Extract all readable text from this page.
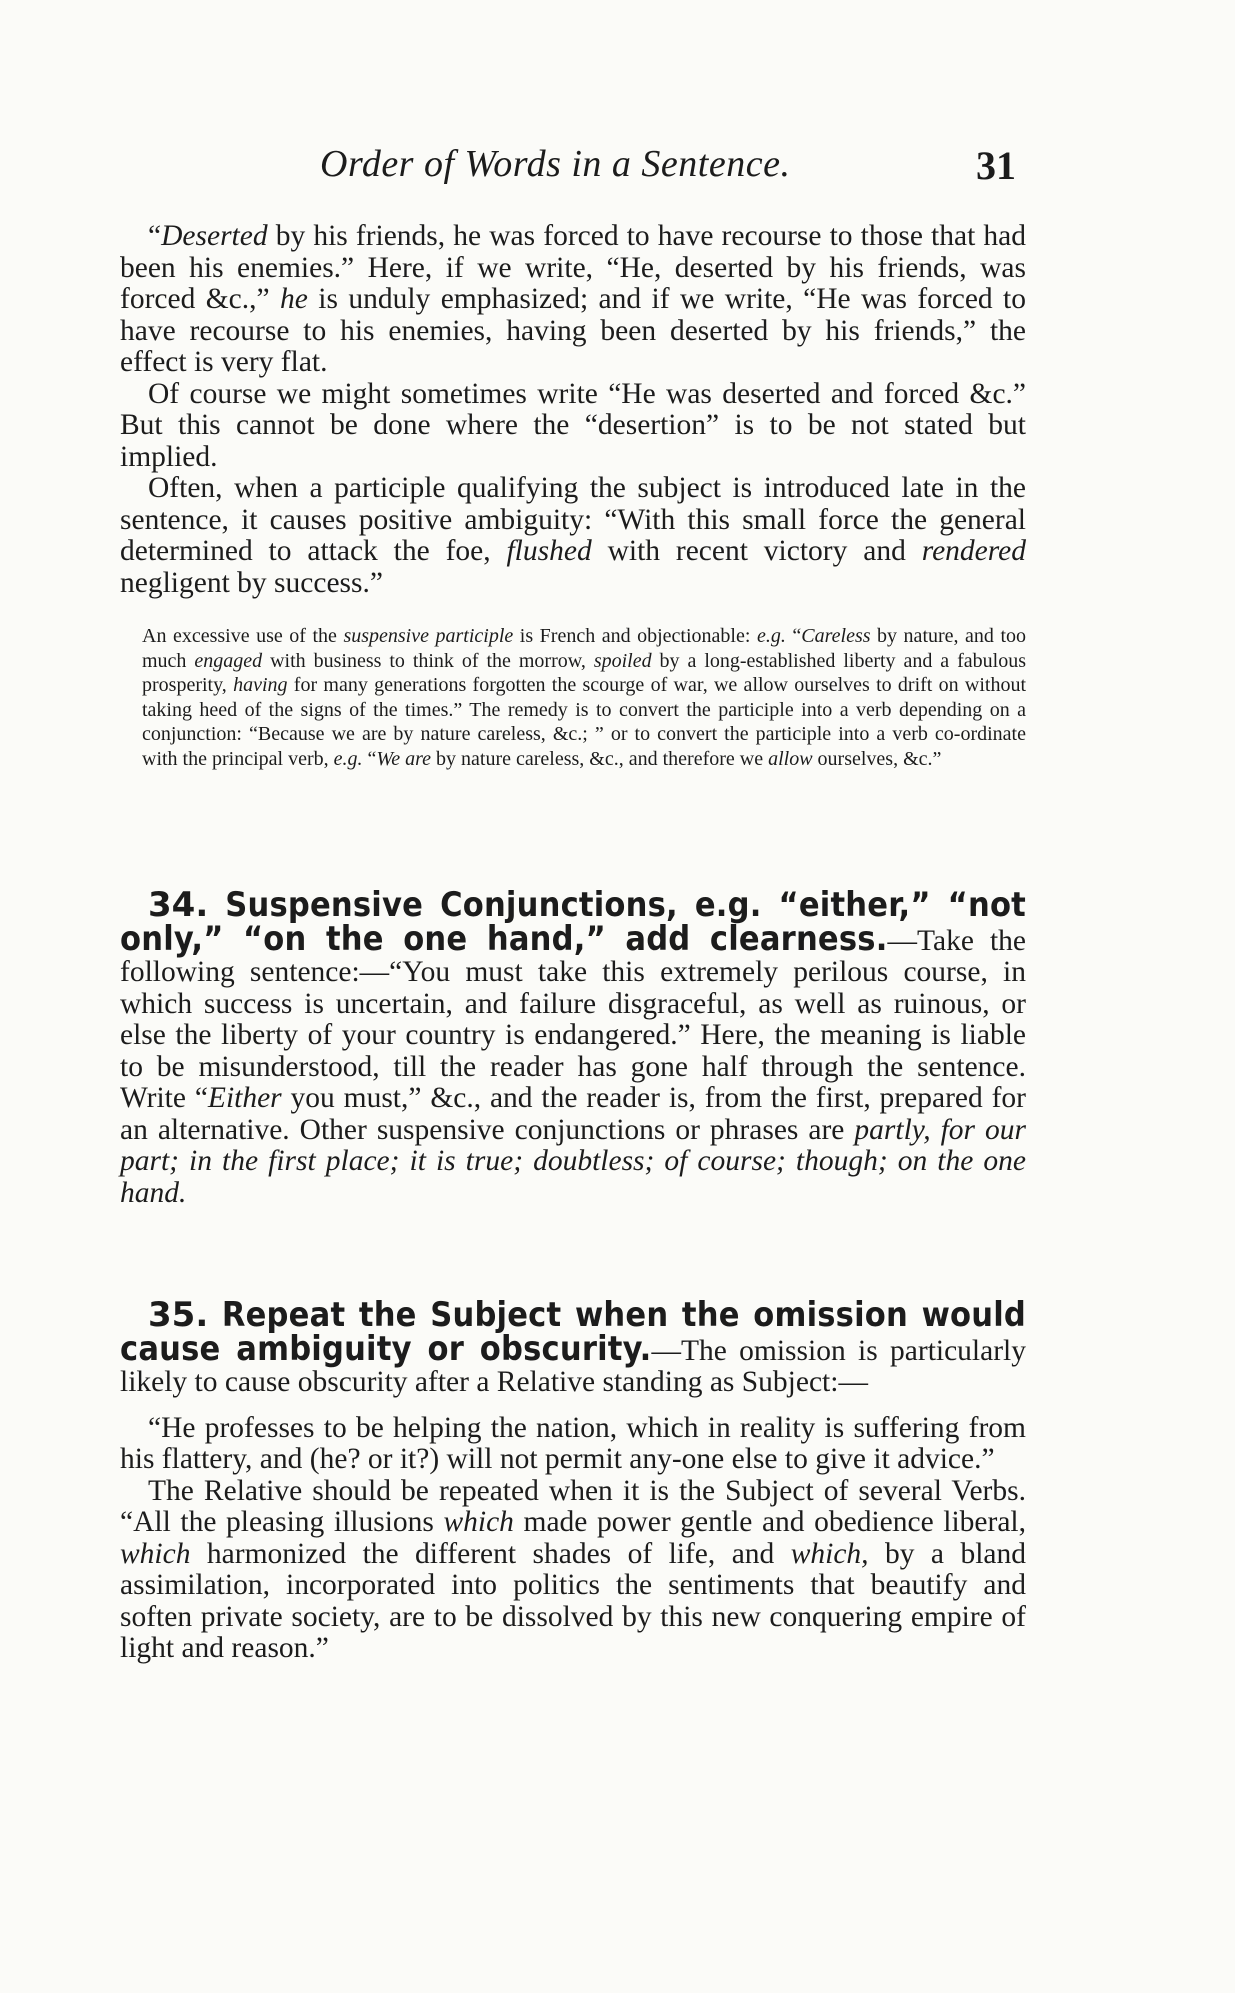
Order of Words in a Sentence.	31

“Deserted by his friends, he was forced to have recourse to those that had been his enemies.” Here, if we write, “He, deserted by his friends, was forced &c.,” he is unduly emphasized; and if we write, “He was forced to have recourse to his enemies, having been deserted by his friends,” the effect is very flat.

Of course we might sometimes write “He was deserted and forced &c.” But this cannot be done where the “desertion” is to be not stated but implied.

Often, when a participle qualifying the subject is introduced late in the sentence, it causes positive ambiguity: “With this small force the general determined to attack the foe, flushed with recent victory and rendered negligent by success.”

An excessive use of the suspensive participle is French and objectionable: e.g. “Careless by nature, and too much engaged with business to think of the morrow, spoiled by a long-established liberty and a fabulous prosperity, having for many generations forgotten the scourge of war, we allow ourselves to drift on without taking heed of the signs of the times.” The remedy is to convert the participle into a verb depending on a conjunction: “Because we are by nature careless, &c.; ” or to convert the participle into a verb co-ordinate with the principal verb, e.g. “We are by nature careless, &c., and therefore we allow ourselves, &c.”

34. Suspensive Conjunctions, e.g. “either,” “not only,” “on the one hand,” add clearness.—Take the following sentence:—“You must take this extremely perilous course, in which success is uncertain, and failure disgraceful, as well as ruinous, or else the liberty of your country is endangered.” Here, the meaning is liable to be misunderstood, till the reader has gone half through the sentence. Write “Either you must,” &c., and the reader is, from the first, prepared for an alternative. Other suspensive conjunctions or phrases are partly, for our part; in the first place; it is true; doubtless; of course; though; on the one hand.

35. Repeat the Subject when the omission would cause ambiguity or obscurity.—The omission is particularly likely to cause obscurity after a Relative standing as Subject:—

“He professes to be helping the nation, which in reality is suffering from his flattery, and (he? or it?) will not permit any-one else to give it advice.”

The Relative should be repeated when it is the Subject of several Verbs. “All the pleasing illusions which made power gentle and obedience liberal, which harmonized the different shades of life, and which, by a bland assimilation, incorporated into politics the sentiments that beautify and soften private society, are to be dissolved by this new conquering empire of light and reason.”
